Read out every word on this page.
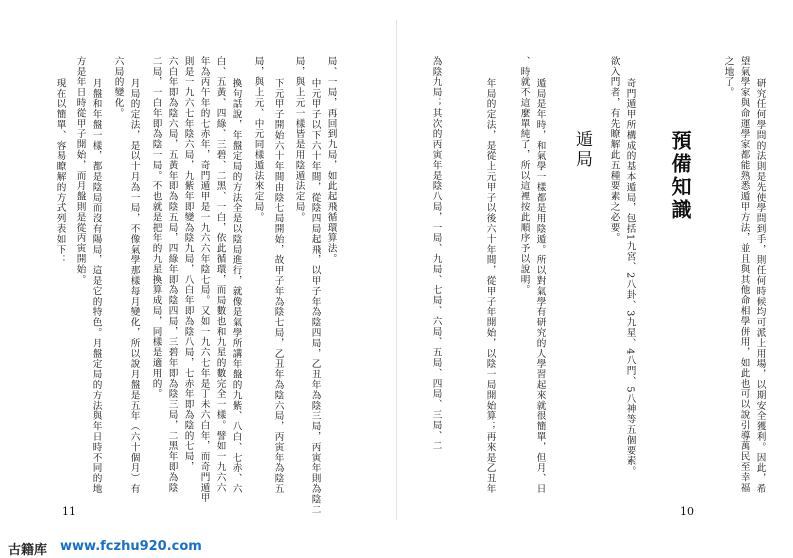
研究任何學問的法則是先使學問到手，則任何時候均可派上用場，以期安全獲利。因此，希
望氣學家與命運學家都能熟悉遁甲方法，並且與其他命相學併用，如此也可以說引導萬民至幸福
之地了。
預備知識
奇門遁甲所構成的基本遁局，包括1九宮、2八卦、3九星、4八門、5八神等五個要素。
欲入門者，有先瞭解此五種要素之必要。
遁局
遁局是年時，和氣學一樣都是用陰遁。所以對氣學有研究的人學習起來就很簡單，但月、日
、時就不這麼單純了，所以這裡按此順序予以說明。
年局的定法，是從上元甲子以後六十年間，從甲子年開始，以陰一局開始算；再來是乙丑年
為陰九局；其次的丙寅年是陰八局，一局、九局、七局、六局、五局、四局、三局、二
10
局、一局，再回到九局，如此起飛循環算法。
中元甲子以下六十年間，從陰四局起飛，以甲子年為陰四局，乙丑年為陰三局，丙寅年則為陰二
局，與上元一樣皆是用陰遁法定局。
下元甲子開始六十年間由陰七局開始，故甲子年為陰七局，乙丑年為陰六局，丙寅年為陰五
局，與上元、中元同樣遁法來定局。
換句話說，年盤定局的方法全是以陰局進行，就像是氣學所講年盤的九紫、八白、七赤、六
白、五黃、四綠、三碧、二黑、一白，依此循環，而局數也和九星的數完全一樣。譬如一九六六
年為丙午年的七赤年，奇門遁甲是一九六六年陰七局。又如一九六七年是丁未六白年，而奇門遁甲
則是一九六七年陰六局，九紫年即變為陰九局，八白年即為陰八局，七赤年即為陰的七局，
六白年即為陰六局，五黃年即為陰五局，四綠年即為陰四局，三碧年即為陰三局，二黑年即為陰
二局，一白年即為陰一局。不也就是把年的九星換算成局，同樣是適用的。
月局的定法，是以十月為一局，不像氣學那樣每月變化，所以說月盤是五年（六十個月）有
六局的變化。
月盤和年盤一樣，都是陰局而沒有陽局，這是它的特色。月盤定局的方法與年日時不同的地
方是年日時從甲子開始，而月盤則是從丙寅開始。
現在以簡單、容易瞭解的方式列表如下：
11
古籍库 www.fczhu920.com
